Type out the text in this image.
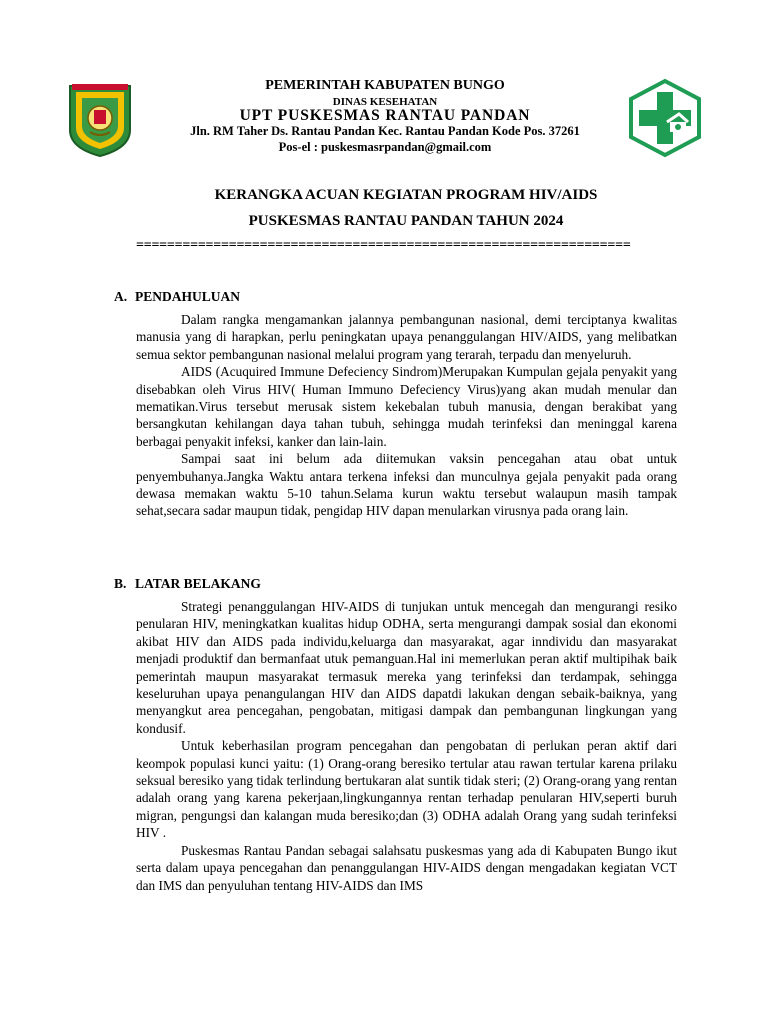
PEMERINTAH KABUPATEN BUNGO
DINAS KESEHATAN
UPT PUSKESMAS RANTAU PANDAN
Jln. RM Taher Ds. Rantau Pandan Kec. Rantau Pandan Kode Pos. 37261
Pos-el : puskesmasrpandan@gmail.com
KERANGKA ACUAN KEGIATAN PROGRAM HIV/AIDS
PUSKESMAS RANTAU PANDAN TAHUN 2024
================================================================
A. PENDAHULUAN

Dalam rangka mengamankan jalannya pembangunan nasional, demi terciptanya kwalitas manusia yang di harapkan, perlu peningkatan upaya penanggulangan HIV/AIDS, yang melibatkan semua sektor pembangunan nasional melalui program yang terarah, terpadu dan menyeluruh.

AIDS (Acuquired Immune Defeciency Sindrom)Merupakan Kumpulan gejala penyakit yang disebabkan oleh Virus HIV( Human Immuno Defeciency Virus)yang akan mudah menular dan mematikan.Virus tersebut merusak sistem kekebalan tubuh manusia, dengan berakibat yang bersangkutan kehilangan daya tahan tubuh, sehingga mudah terinfeksi dan meninggal karena berbagai penyakit infeksi, kanker dan lain-lain.

Sampai saat ini belum ada diitemukan vaksin pencegahan atau obat untuk penyembuhanya.Jangka Waktu antara terkena infeksi dan munculnya gejala penyakit pada orang dewasa memakan waktu 5-10 tahun.Selama kurun waktu tersebut walaupun masih tampak sehat,secara sadar maupun tidak, pengidap HIV dapan menularkan virusnya pada orang lain.

B. LATAR BELAKANG

Strategi penanggulangan HIV-AIDS di tunjukan untuk mencegah dan mengurangi resiko penularan HIV, meningkatkan kualitas hidup ODHA, serta mengurangi dampak sosial dan ekonomi akibat HIV dan AIDS pada individu,keluarga dan masyarakat, agar inndividu dan masyarakat menjadi produktif dan bermanfaat utuk pemanguan.Hal ini memerlukan peran aktif multipihak baik pemerintah maupun masyarakat termasuk mereka yang terinfeksi dan terdampak, sehingga keseluruhan upaya penangulangan HIV dan AIDS dapatdi lakukan dengan sebaik-baiknya, yang menyangkut area pencegahan, pengobatan, mitigasi dampak dan pembangunan lingkungan yang kondusif.

Untuk keberhasilan program pencegahan dan pengobatan di perlukan peran aktif dari keompok populasi kunci yaitu: (1) Orang-orang beresiko tertular atau rawan tertular karena prilaku seksual beresiko yang tidak terlindung bertukaran alat suntik tidak steri; (2) Orang-orang yang rentan adalah orang yang karena pekerjaan,lingkungannya rentan terhadap penularan HIV,seperti buruh migran, pengungsi dan kalangan muda beresiko;dan (3) ODHA adalah Orang yang sudah terinfeksi HIV .

Puskesmas Rantau Pandan sebagai salahsatu puskesmas yang ada di Kabupaten Bungo ikut serta dalam upaya pencegahan dan penanggulangan HIV-AIDS dengan mengadakan kegiatan VCT dan IMS dan penyuluhan tentang HIV-AIDS dan IMS
